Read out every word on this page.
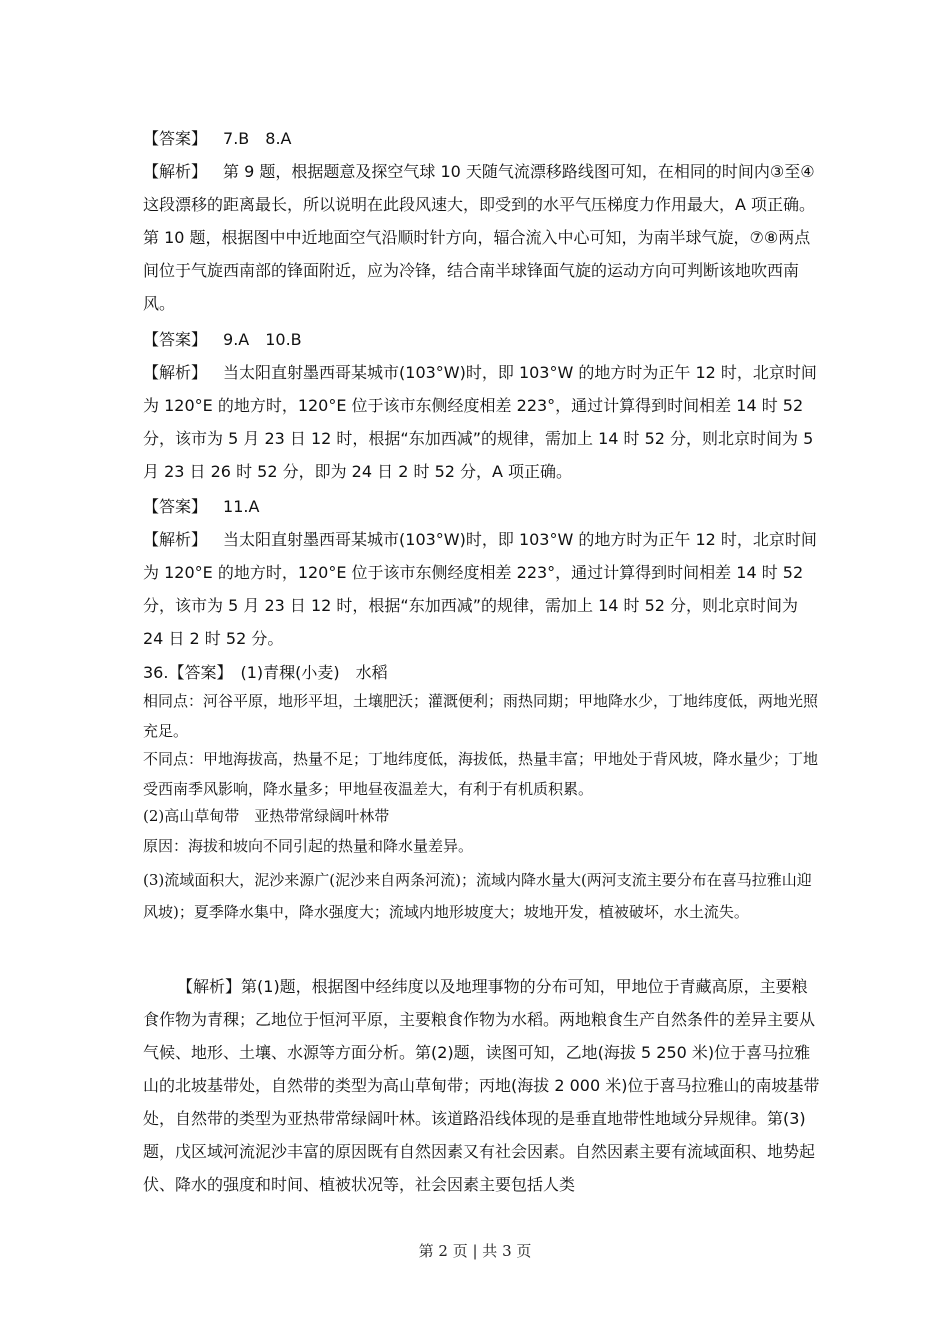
【答案】　7.B　8.A

【解析】　第 9 题，根据题意及探空气球 10 天随气流漂移路线图可知，在相同的时间内③至④这段漂移的距离最长，所以说明在此段风速大，即受到的水平气压梯度力作用最大，A 项正确。第 10 题，根据图中中近地面空气沿顺时针方向，辐合流入中心可知，为南半球气旋，⑦⑧两点间位于气旋西南部的锋面附近，应为冷锋，结合南半球锋面气旋的运动方向可判断该地吹西南风。

【答案】　9.A　10.B

【解析】　当太阳直射墨西哥某城市(103°W)时，即 103°W 的地方时为正午 12 时，北京时间为 120°E 的地方时，120°E 位于该市东侧经度相差 223°，通过计算得到时间相差 14 时 52 分，该市为 5 月 23 日 12 时，根据“东加西减”的规律，需加上 14 时 52 分，则北京时间为 5 月 23 日 26 时 52 分，即为 24 日 2 时 52 分，A 项正确。

【答案】　11.A

【解析】　当太阳直射墨西哥某城市(103°W)时，即 103°W 的地方时为正午 12 时，北京时间为 120°E 的地方时，120°E 位于该市东侧经度相差 223°，通过计算得到时间相差 14 时 52 分，该市为 5 月 23 日 12 时，根据“东加西减”的规律，需加上 14 时 52 分，则北京时间为 24 日 2 时 52 分。

36.【答案】　(1)青稞(小麦)　水稻

相同点：河谷平原，地形平坦，土壤肥沃；灌溉便利；雨热同期；甲地降水少，丁地纬度低，两地光照充足。

不同点：甲地海拔高，热量不足；丁地纬度低，海拔低，热量丰富；甲地处于背风坡，降水量少；丁地受西南季风影响，降水量多；甲地昼夜温差大，有利于有机质积累。

(2)高山草甸带　亚热带常绿阔叶林带

原因：海拔和坡向不同引起的热量和降水量差异。

(3)流域面积大，泥沙来源广(泥沙来自两条河流)；流域内降水量大(两河支流主要分布在喜马拉雅山迎风坡)；夏季降水集中，降水强度大；流域内地形坡度大；坡地开发，植被破坏，水土流失。

【解析】第(1)题，根据图中经纬度以及地理事物的分布可知，甲地位于青藏高原，主要粮食作物为青稞；乙地位于恒河平原，主要粮食作物为水稻。两地粮食生产自然条件的差异主要从气候、地形、土壤、水源等方面分析。第(2)题，读图可知，乙地(海拔 5 250 米)位于喜马拉雅山的北坡基带处，自然带的类型为高山草甸带；丙地(海拔 2 000 米)位于喜马拉雅山的南坡基带处，自然带的类型为亚热带常绿阔叶林。该道路沿线体现的是垂直地带性地域分异规律。第(3)题，戊区域河流泥沙丰富的原因既有自然因素又有社会因素。自然因素主要有流域面积、地势起伏、降水的强度和时间、植被状况等，社会因素主要包括人类

第 2 页 | 共 3 页
